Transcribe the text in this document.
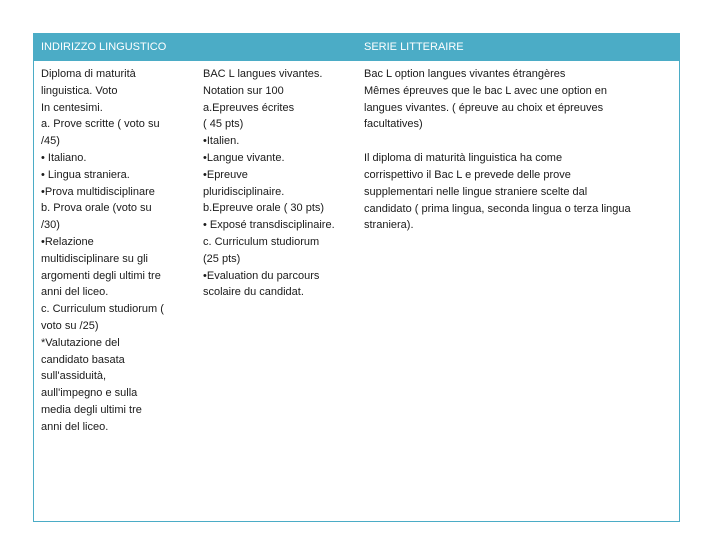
INDIRIZZO LINGUSTICO	SERIE LITTERAIRE
Diploma di maturità
linguistica. Voto
In centesimi.
a. Prove scritte ( voto su
/45)
• Italiano.
• Lingua straniera.
•Prova multidisciplinare
b. Prova orale (voto su
/30)
•Relazione
multidisciplinare su gli
argomenti degli ultimi tre
anni del liceo.
c. Curriculum studiorum (
voto su /25)
*Valutazione del
candidato basata
sull'assiduità,
aull'impegno e sulla
media degli ultimi tre
anni del liceo.
BAC L langues vivantes.
Notation sur 100
a.Epreuves écrites
( 45 pts)
•Italien.
•Langue vivante.
•Epreuve
pluridisciplinaire.
b.Epreuve orale ( 30 pts)
• Exposé transdisciplinaire.
c. Curriculum studiorum
(25 pts)
•Evaluation du parcours
scolaire du candidat.
Bac L option langues vivantes étrangères
Mêmes épreuves que le bac L avec une option en
langues vivantes. ( épreuve au choix et épreuves
facultatives)
Il diploma di maturità linguistica ha come
corrispettivo il Bac L e prevede delle prove
supplementari nelle lingue straniere scelte dal
candidato ( prima lingua, seconda lingua o terza lingua
straniera).
